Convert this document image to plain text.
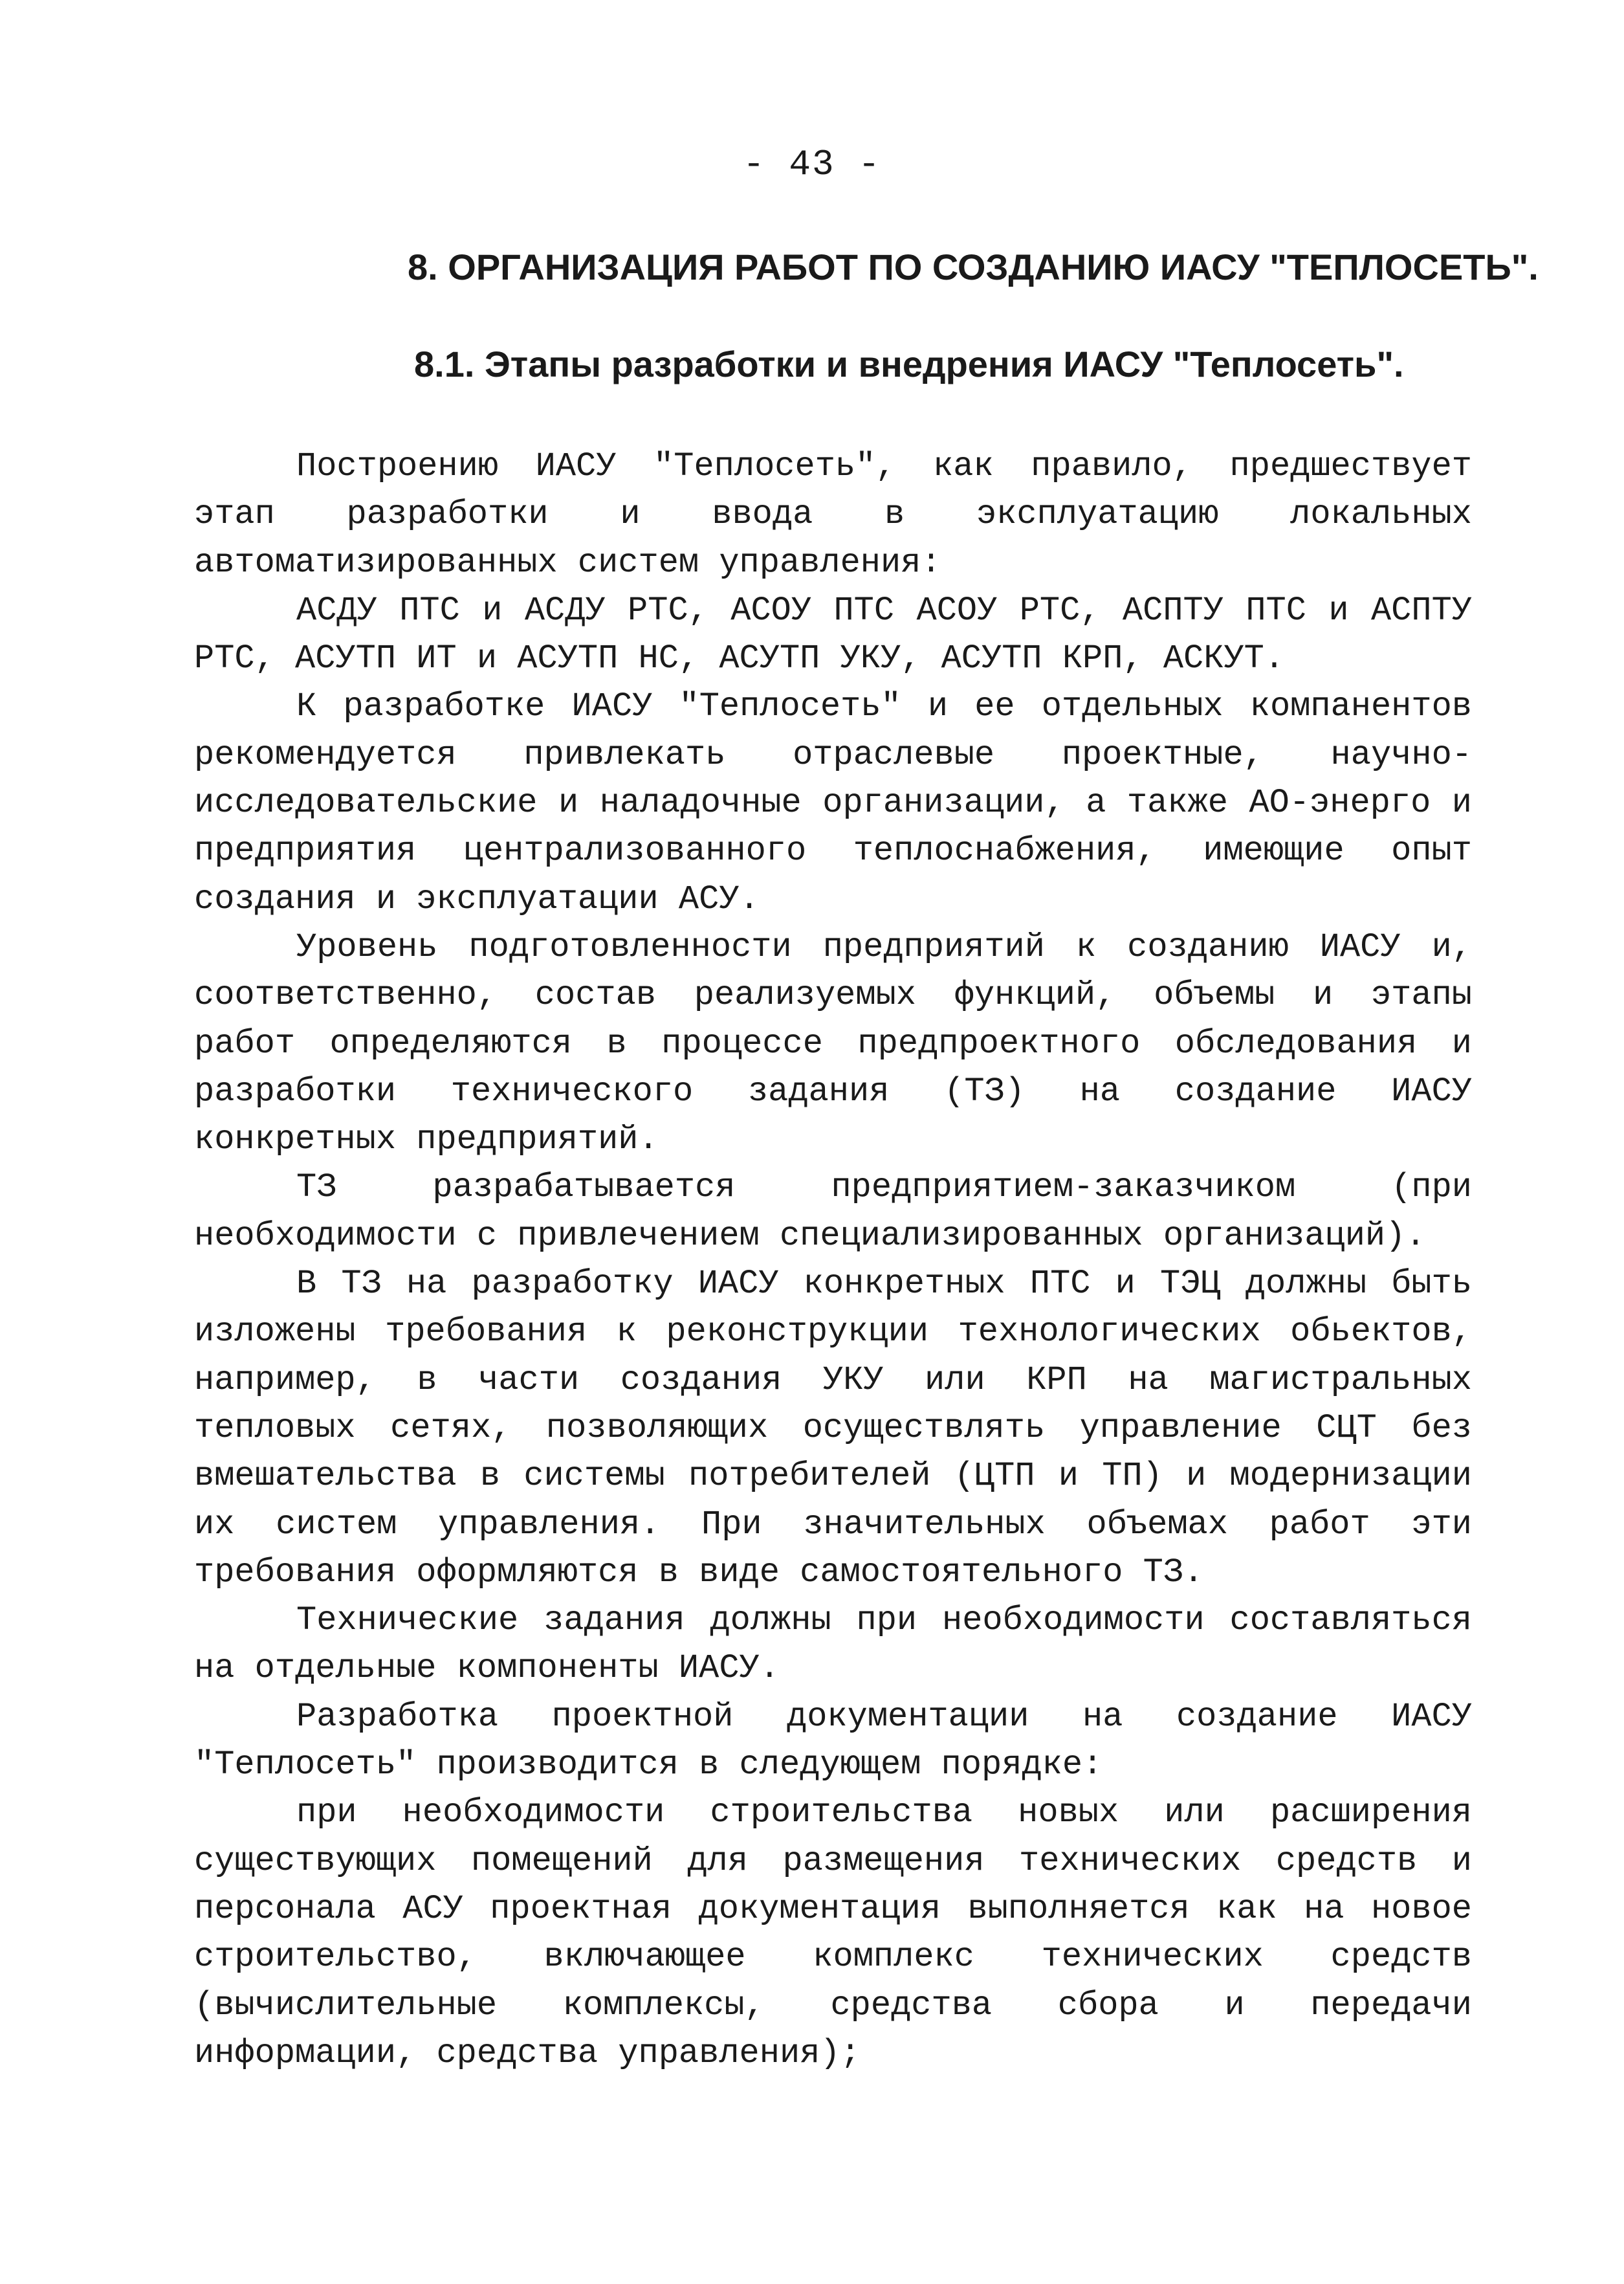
- 43 -
8. ОРГАНИЗАЦИЯ РАБОТ ПО СОЗДАНИЮ ИАСУ "ТЕПЛОСЕТЬ".
8.1. Этапы разработки и внедрения ИАСУ "Теплосеть".

Построению ИАСУ "Теплосеть", как правило, предшествует этап разработки и ввода в эксплуатацию локальных автоматизированных систем управления:

АСДУ ПТС и АСДУ РТС, АСОУ ПТС АСОУ РТС, АСПТУ ПТС и АСПТУ РТС, АСУТП ИТ и АСУТП НС, АСУТП УКУ, АСУТП КРП, АСКУТ.

К разработке ИАСУ "Теплосеть" и ее отдельных компанентов рекомендуется привлекать отраслевые проектные, научно-исследовательские и наладочные организации, а также АО-энерго и предприятия централизованного теплоснабжения, имеющие опыт создания и эксплуатации АСУ.

Уровень подготовленности предприятий к созданию ИАСУ и, соответственно, состав реализуемых функций, объемы и этапы работ определяются в процессе предпроектного обследования и разработки технического задания (ТЗ) на создание ИАСУ конкретных предприятий.

ТЗ разрабатывается предприятием-заказчиком (при необходимости с привлечением специализированных организаций).

В ТЗ на разработку ИАСУ конкретных ПТС и ТЭЦ должны быть изложены требования к реконструкции технологических обьектов, например, в части создания УКУ или КРП на магистральных тепловых сетях, позволяющих осуществлять управление СЦТ без вмешательства в системы потребителей (ЦТП и ТП) и модернизации их систем управления. При значительных объемах работ эти требования оформляются в виде самостоятельного ТЗ.

Технические задания должны при необходимости составляться на отдельные компоненты ИАСУ.

Разработка проектной документации на создание ИАСУ "Теплосеть" производится в следующем порядке:

при необходимости строительства новых или расширения существующих помещений для размещения технических средств и персонала АСУ проектная документация выполняется как на новое строительство, включающее комплекс технических средств (вычислительные комплексы, средства сбора и передачи информации, средства управления);
